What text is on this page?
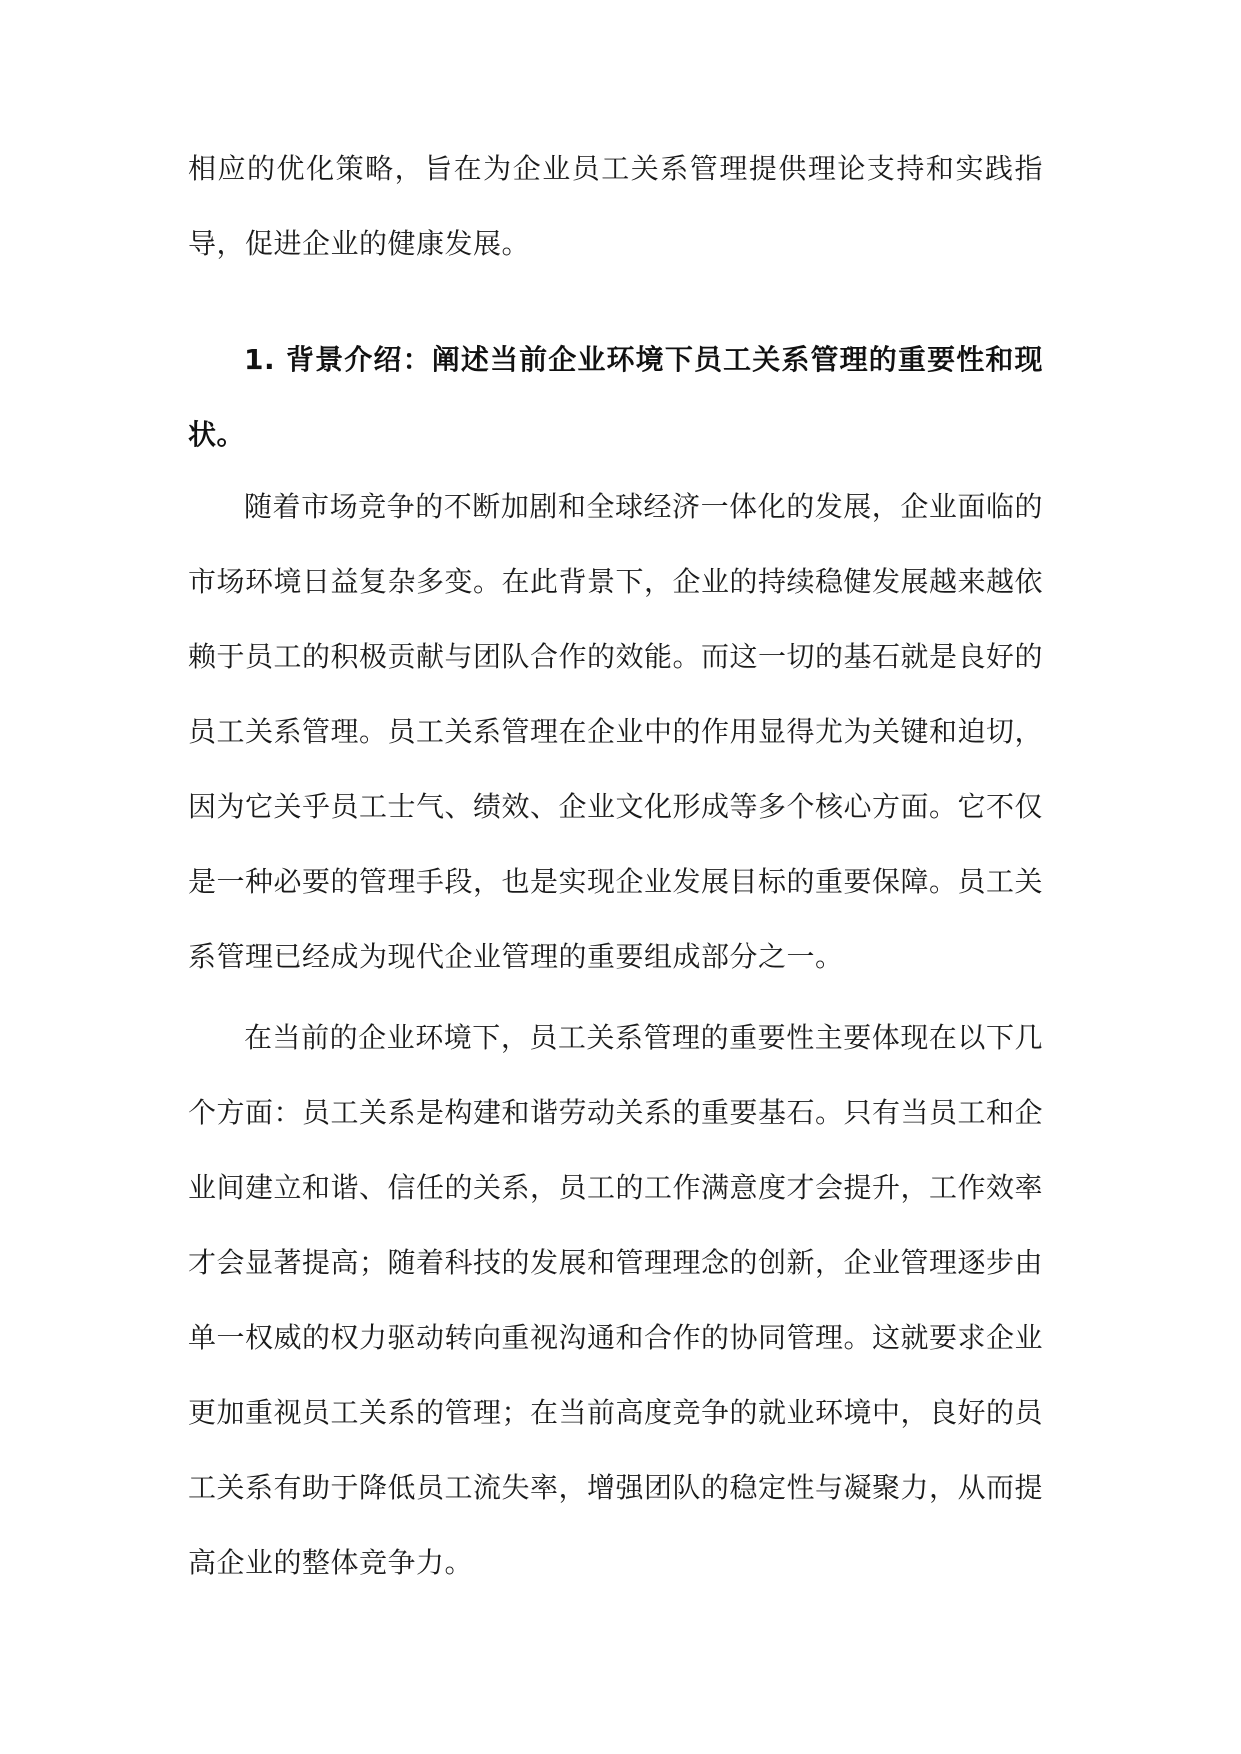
相应的优化策略，旨在为企业员工关系管理提供理论支持和实践指导，促进企业的健康发展。

1. 背景介绍：阐述当前企业环境下员工关系管理的重要性和现状。

随着市场竞争的不断加剧和全球经济一体化的发展，企业面临的市场环境日益复杂多变。在此背景下，企业的持续稳健发展越来越依赖于员工的积极贡献与团队合作的效能。而这一切的基石就是良好的员工关系管理。员工关系管理在企业中的作用显得尤为关键和迫切，因为它关乎员工士气、绩效、企业文化形成等多个核心方面。它不仅是一种必要的管理手段，也是实现企业发展目标的重要保障。员工关系管理已经成为现代企业管理的重要组成部分之一。

在当前的企业环境下，员工关系管理的重要性主要体现在以下几个方面：员工关系是构建和谐劳动关系的重要基石。只有当员工和企业间建立和谐、信任的关系，员工的工作满意度才会提升，工作效率才会显著提高；随着科技的发展和管理理念的创新，企业管理逐步由单一权威的权力驱动转向重视沟通和合作的协同管理。这就要求企业更加重视员工关系的管理；在当前高度竞争的就业环境中，良好的员工关系有助于降低员工流失率，增强团队的稳定性与凝聚力，从而提高企业的整体竞争力。
